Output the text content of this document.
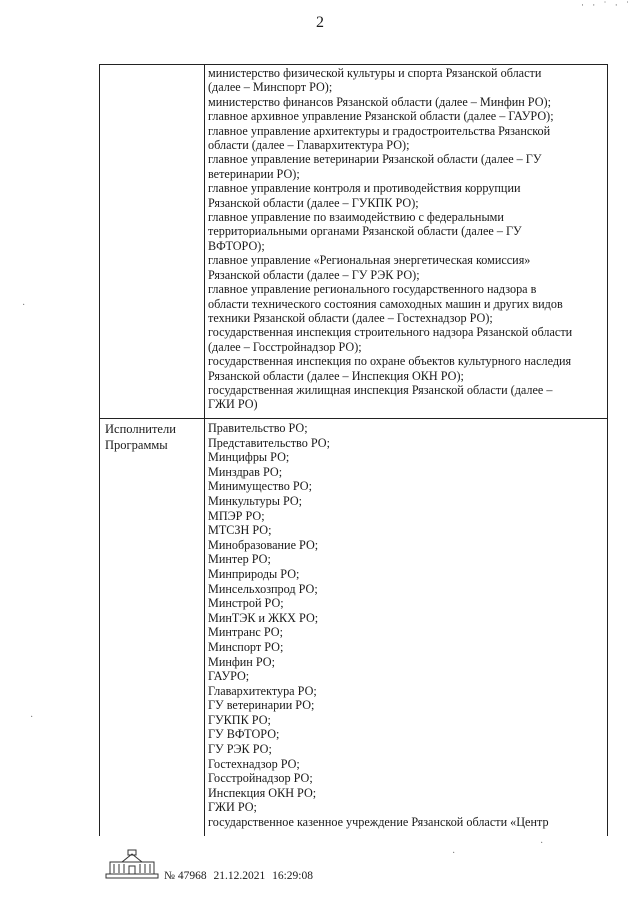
2
· · ˙ · ˙
министерство физической культуры и спорта Рязанской области
(далее – Минспорт РО);
министерство финансов Рязанской области (далее – Минфин РО);
главное архивное управление Рязанской области (далее – ГАУРО);
главное управление архитектуры и градостроительства Рязанской
области (далее – Главархитектура РО);
главное управление ветеринарии Рязанской области (далее – ГУ
ветеринарии РО);
главное управление контроля и противодействия коррупции
Рязанской области (далее – ГУКПК РО);
главное управление по взаимодействию с федеральными
территориальными органами Рязанской области (далее – ГУ
ВФТОРО);
главное управление «Региональная энергетическая комиссия»
Рязанской области (далее – ГУ РЭК РО);
главное управление регионального государственного надзора в
области технического состояния самоходных машин и других видов
техники Рязанской области (далее – Гостехнадзор РО);
государственная инспекция строительного надзора Рязанской области
(далее – Госстройнадзор РО);
государственная инспекция по охране объектов культурного наследия
Рязанской области (далее – Инспекция ОКН РО);
государственная жилищная инспекция Рязанской области (далее –
ГЖИ РО)
Исполнители
Программы
Правительство РО;
Представительство РО;
Минцифры РО;
Минздрав РО;
Минимущество РО;
Минкультуры РО;
МПЭР РО;
МТСЗН РО;
Минобразование РО;
Минтер РО;
Минприроды РО;
Минсельхозпрод РО;
Минстрой РО;
МинТЭК и ЖКХ РО;
Минтранс РО;
Минспорт РО;
Минфин РО;
ГАУРО;
Главархитектура РО;
ГУ ветеринарии РО;
ГУКПК РО;
ГУ ВФТОРО;
ГУ РЭК РО;
Гостехнадзор РО;
Госстройнадзор РО;
Инспекция ОКН РО;
ГЖИ РО;
государственное казенное учреждение Рязанской области «Центр
№ 47968 21.12.2021 16:29:08
·
·
·
·
